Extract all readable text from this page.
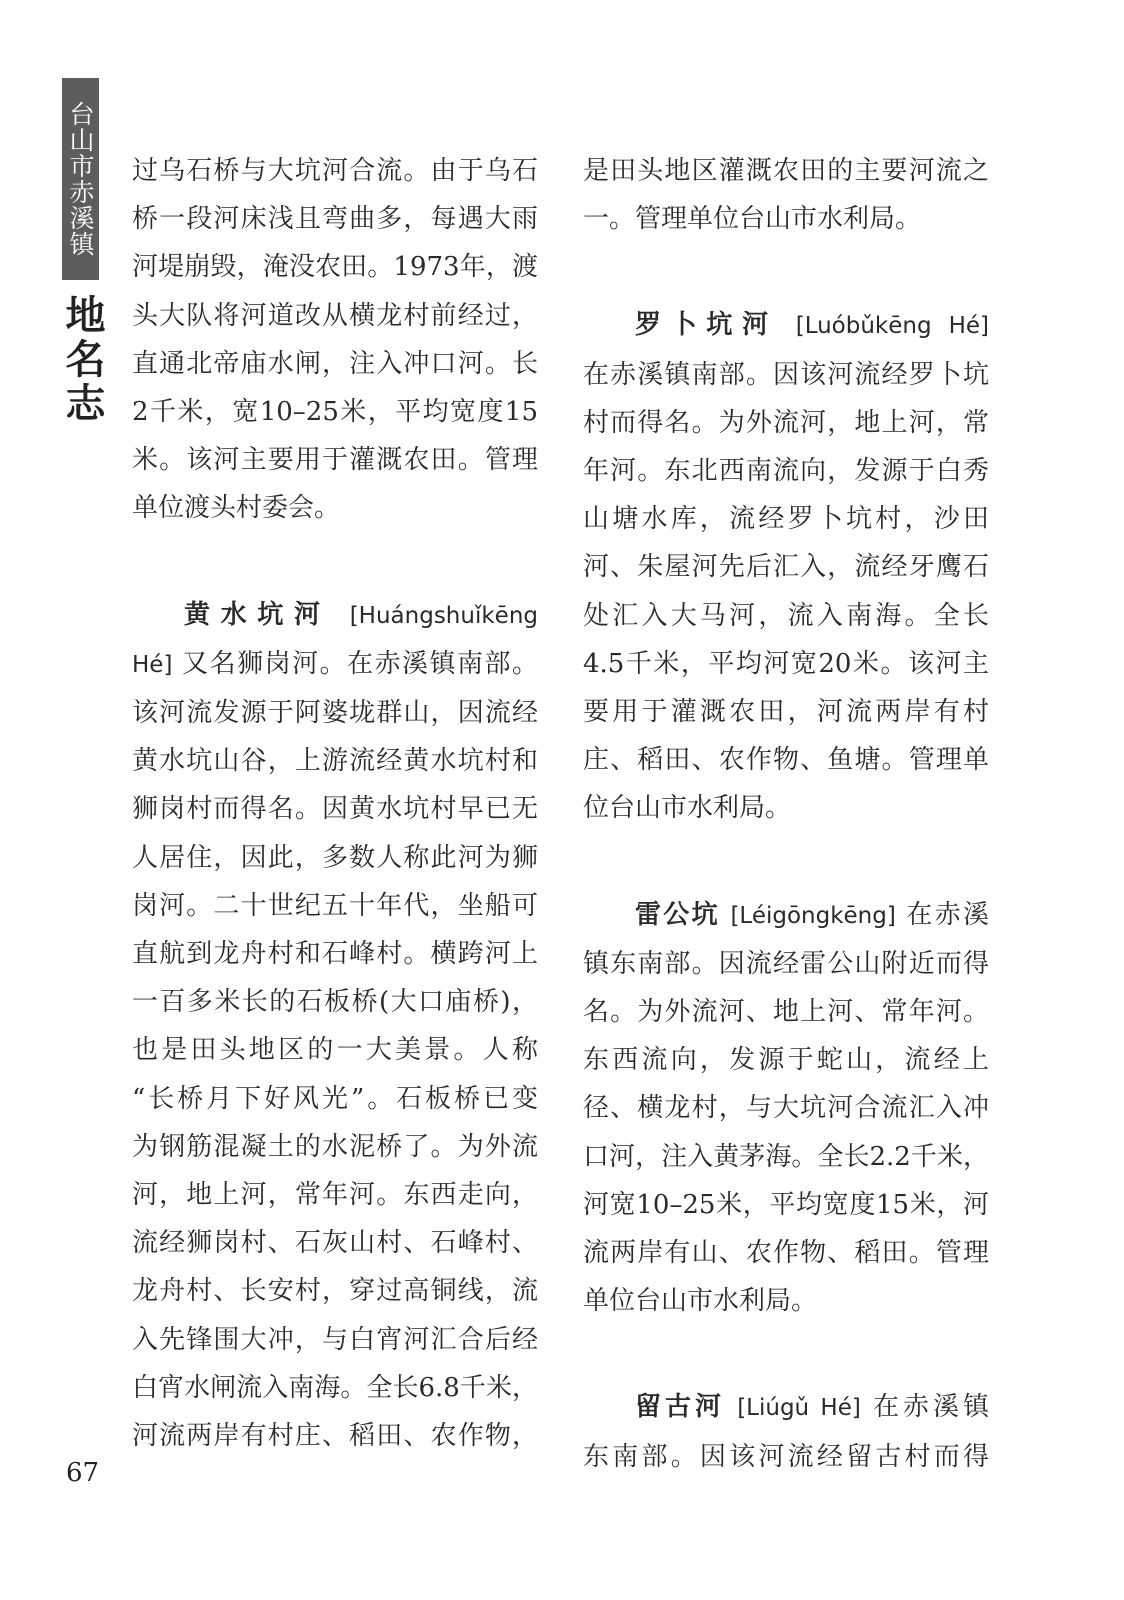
台山市赤溪镇
地名志
过乌石桥与大坑河合流。由于乌石
桥一段河床浅且弯曲多，每遇大雨
河堤崩毁，淹没农田。1973年，渡
头大队将河道改从横龙村前经过，
直通北帝庙水闸，注入冲口河。长
2千米，宽10–25米，平均宽度15
米。该河主要用于灌溉农田。管理
单位渡头村委会。
黄水坑河 [Huángshuǐkēng
Hé] 又名狮岗河。在赤溪镇南部。
该河流发源于阿婆垅群山，因流经
黄水坑山谷，上游流经黄水坑村和
狮岗村而得名。因黄水坑村早已无
人居住，因此，多数人称此河为狮
岗河。二十世纪五十年代，坐船可
直航到龙舟村和石峰村。横跨河上
一百多米长的石板桥(大口庙桥)，
也是田头地区的一大美景。人称
“长桥月下好风光”。石板桥已变
为钢筋混凝土的水泥桥了。为外流
河，地上河，常年河。东西走向，
流经狮岗村、石灰山村、石峰村、
龙舟村、长安村，穿过高铜线，流
入先锋围大冲，与白宵河汇合后经
白宵水闸流入南海。全长6.8千米，
河流两岸有村庄、稻田、农作物，
是田头地区灌溉农田的主要河流之
一。管理单位台山市水利局。
罗卜坑河 [Luóbǔkēng Hé]
在赤溪镇南部。因该河流经罗卜坑
村而得名。为外流河，地上河，常
年河。东北西南流向，发源于白秀
山塘水库，流经罗卜坑村，沙田
河、朱屋河先后汇入，流经牙鹰石
处汇入大马河，流入南海。全长
4.5千米，平均河宽20米。该河主
要用于灌溉农田，河流两岸有村
庄、稻田、农作物、鱼塘。管理单
位台山市水利局。
雷公坑 [Léigōngkēng] 在赤溪
镇东南部。因流经雷公山附近而得
名。为外流河、地上河、常年河。
东西流向，发源于蛇山，流经上
径、横龙村，与大坑河合流汇入冲
口河，注入黄茅海。全长2.2千米，
河宽10–25米，平均宽度15米，河
流两岸有山、农作物、稻田。管理
单位台山市水利局。
留古河 [Liúgǔ Hé] 在赤溪镇
东南部。因该河流经留古村而得
67
